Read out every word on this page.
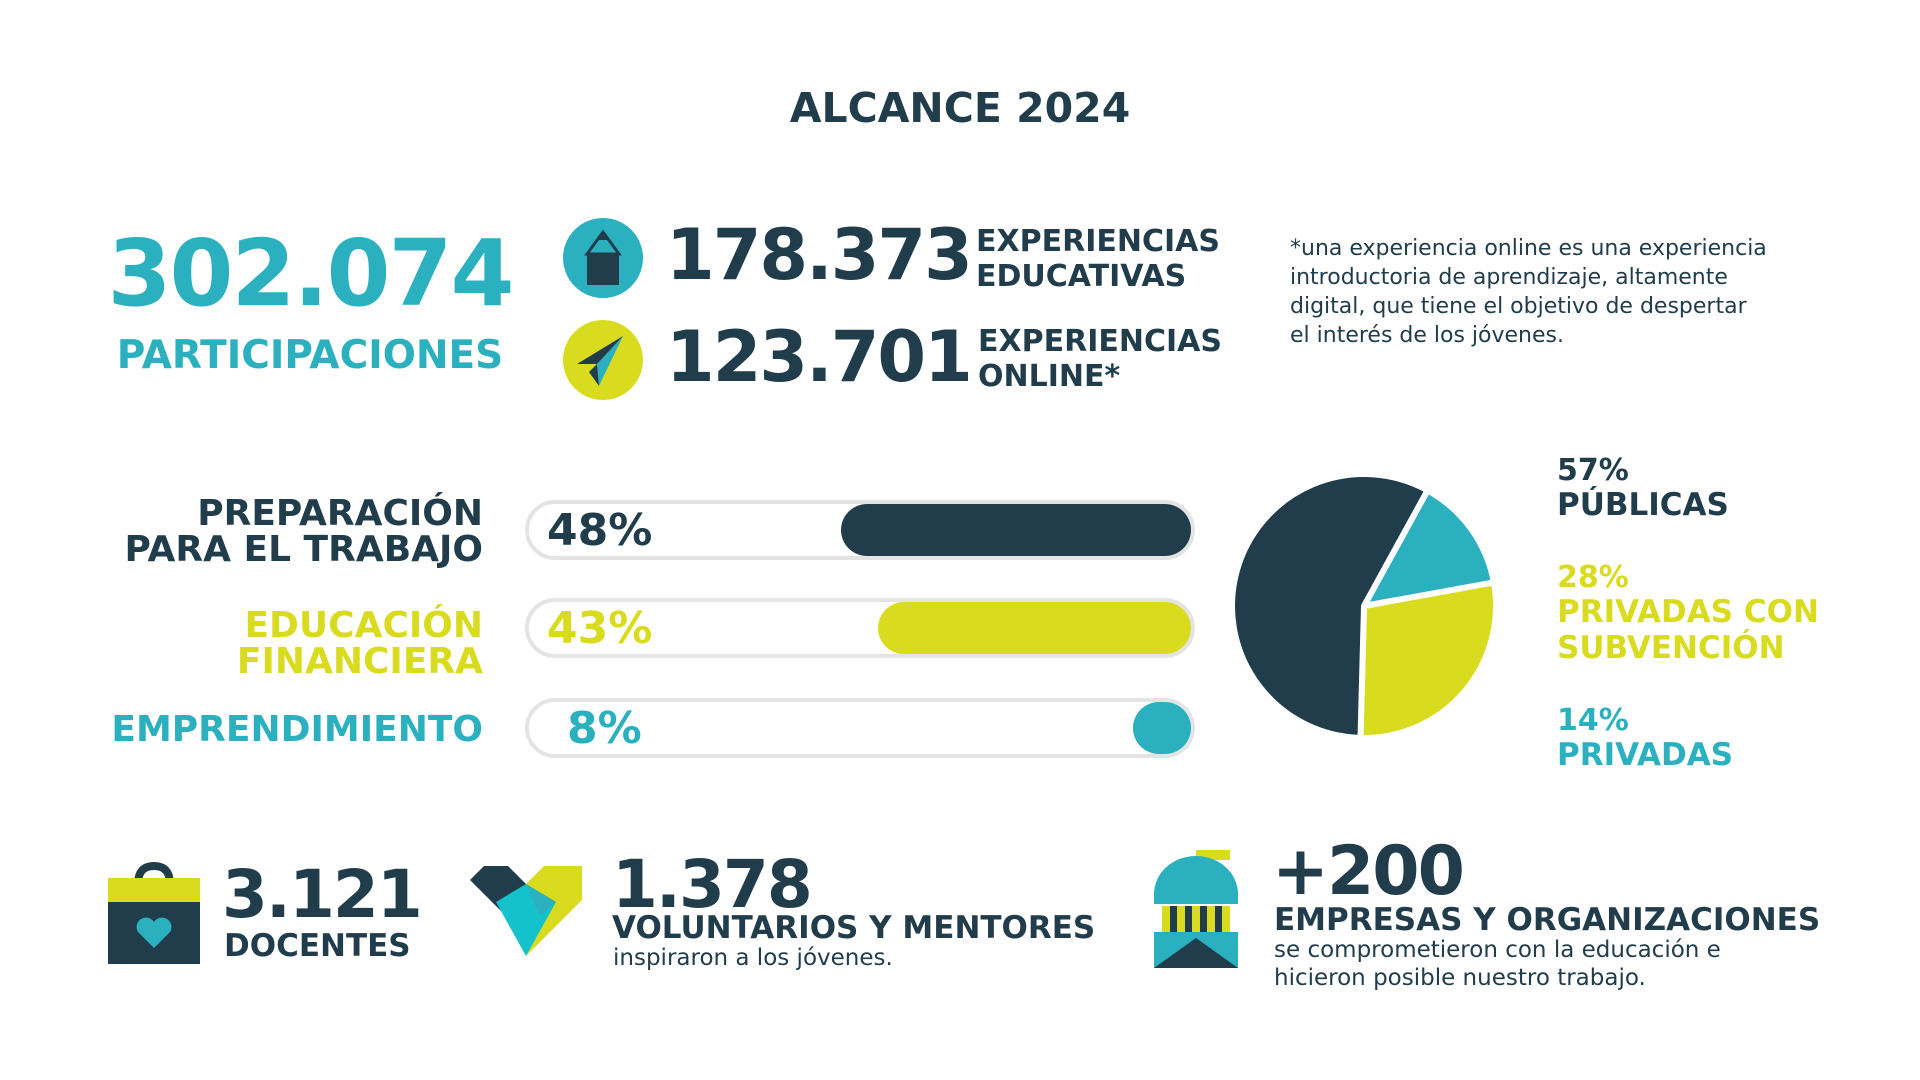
ALCANCE 2024
302.074
PARTICIPACIONES
178.373 EXPERIENCIAS
EDUCATIVAS
123.701 EXPERIENCIAS
ONLINE*
*una experiencia online es una experiencia
introductoria de aprendizaje, altamente
digital, que tiene el objetivo de despertar
el interés de los jóvenes.
PREPARACIÓN
PARA EL TRABAJO
EDUCACIÓN
FINANCIERA
EMPRENDIMIENTO
48%
43%
8%
57%
PÚBLICAS
28%
PRIVADAS CON
SUBVENCIÓN
14%
PRIVADAS
3.121
DOCENTES
1.378
VOLUNTARIOS Y MENTORES
inspiraron a los jóvenes.
+200
EMPRESAS Y ORGANIZACIONES
se comprometieron con la educación e
hicieron posible nuestro trabajo.
